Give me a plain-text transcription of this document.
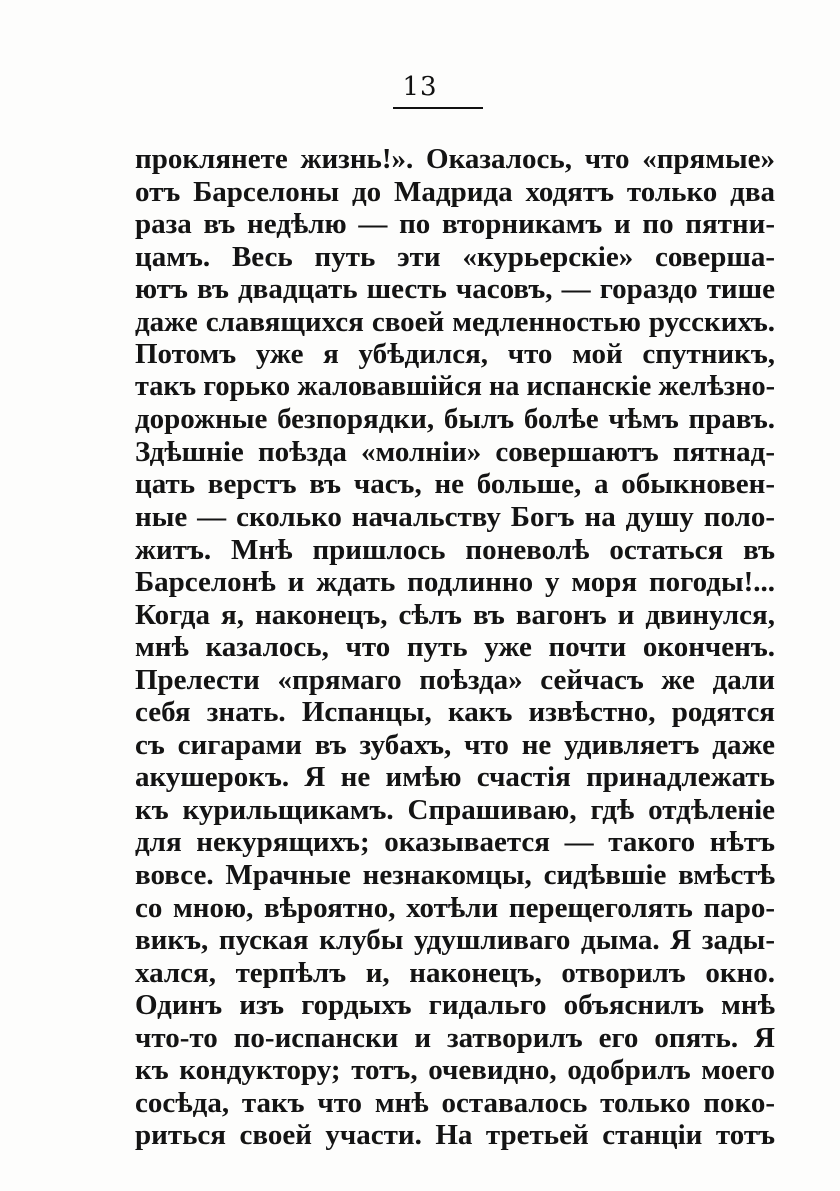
13
проклянете жизнь!». Оказалось, что «прямые»
отъ Барселоны до Мадрида ходятъ только два
раза въ недѣлю — по вторникамъ и по пятни-
цамъ. Весь путь эти «курьерскіе» соверша-
ютъ въ двадцать шесть часовъ, — гораздо тише
даже славящихся своей медленностью русскихъ.
Потомъ уже я убѣдился, что мой спутникъ,
такъ горько жаловавшійся на испанскіе желѣзно-
дорожные безпорядки, былъ болѣе чѣмъ правъ.
Здѣшніе поѣзда «молніи» совершаютъ пятнад-
цать верстъ въ часъ, не больше, а обыкновен-
ные — сколько начальству Богъ на душу поло-
житъ. Мнѣ пришлось поневолѣ остаться въ
Барселонѣ и ждать подлинно у моря погоды!...
Когда я, наконецъ, сѣлъ въ вагонъ и двинулся,
мнѣ казалось, что путь уже почти оконченъ.
Прелести «прямаго поѣзда» сейчасъ же дали
себя знать. Испанцы, какъ извѣстно, родятся
съ сигарами въ зубахъ, что не удивляетъ даже
акушерокъ. Я не имѣю счастія принадлежать
къ курильщикамъ. Спрашиваю, гдѣ отдѣленіе
для некурящихъ; оказывается — такого нѣтъ
вовсе. Мрачные незнакомцы, сидѣвшіе вмѣстѣ
со мною, вѣроятно, хотѣли перещеголять паро-
викъ, пуская клубы удушливаго дыма. Я зады-
хался, терпѣлъ и, наконецъ, отворилъ окно.
Одинъ изъ гордыхъ гидальго объяснилъ мнѣ
что-то по-испански и затворилъ его опять. Я
къ кондуктору; тотъ, очевидно, одобрилъ моего
сосѣда, такъ что мнѣ оставалось только поко-
риться своей участи. На третьей станціи тотъ
